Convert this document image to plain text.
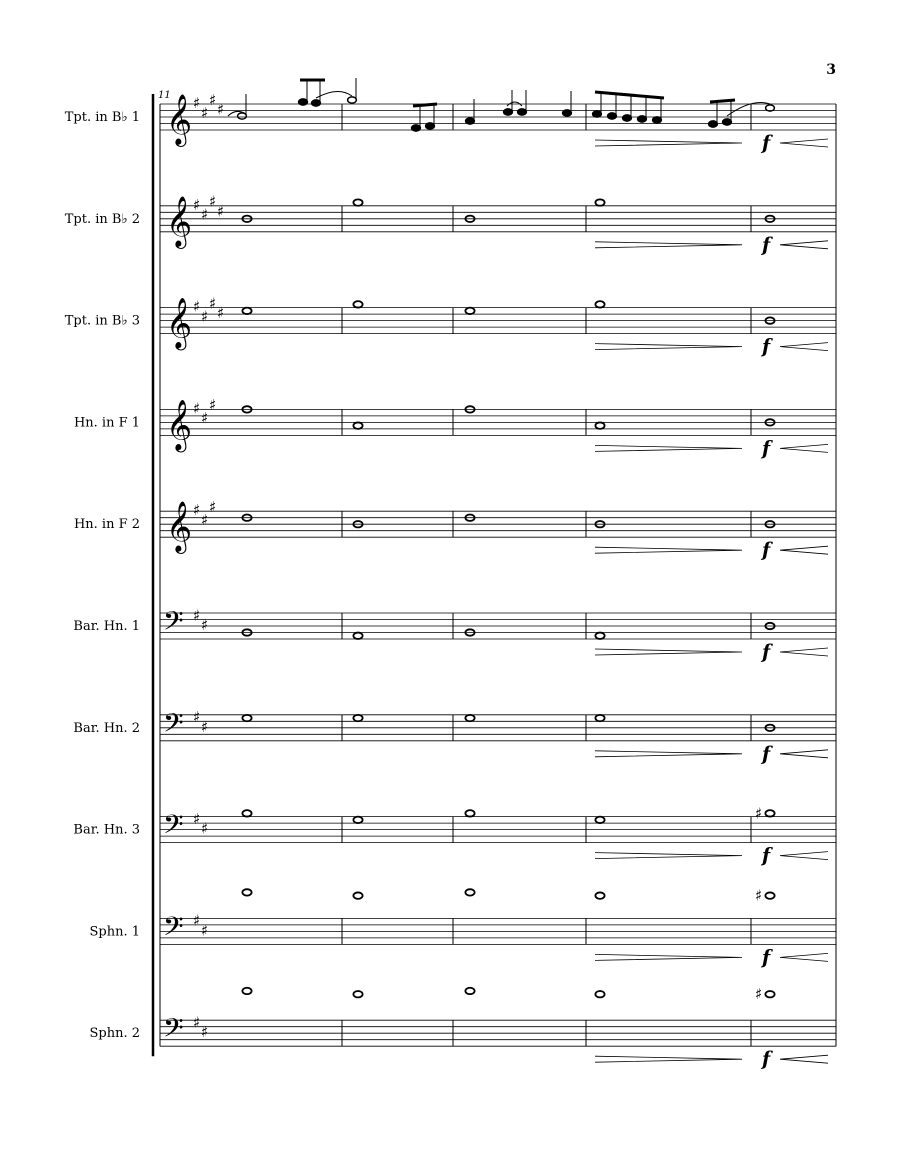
3
11
Tpt. in B♭ 1 𝄞 ♯
♯
♯
♯
f
Tpt. in B♭ 2 𝄞 ♯
♯
♯
♯
f
Tpt. in B♭ 3 𝄞 ♯
♯
♯
♯
f
Hn. in F 1 𝄞 ♯
♯
♯
f
Hn. in F 2 𝄞 ♯
♯
♯
f
Bar. Hn. 1 𝄢 ♯
♯
f
Bar. Hn. 2 𝄢 ♯
♯
f
Bar. Hn. 3 𝄢 ♯
♯
♯
f
Sphn. 1 𝄢 ♯
♯
♯
f
Sphn. 2 𝄢 ♯
♯
♯
f
